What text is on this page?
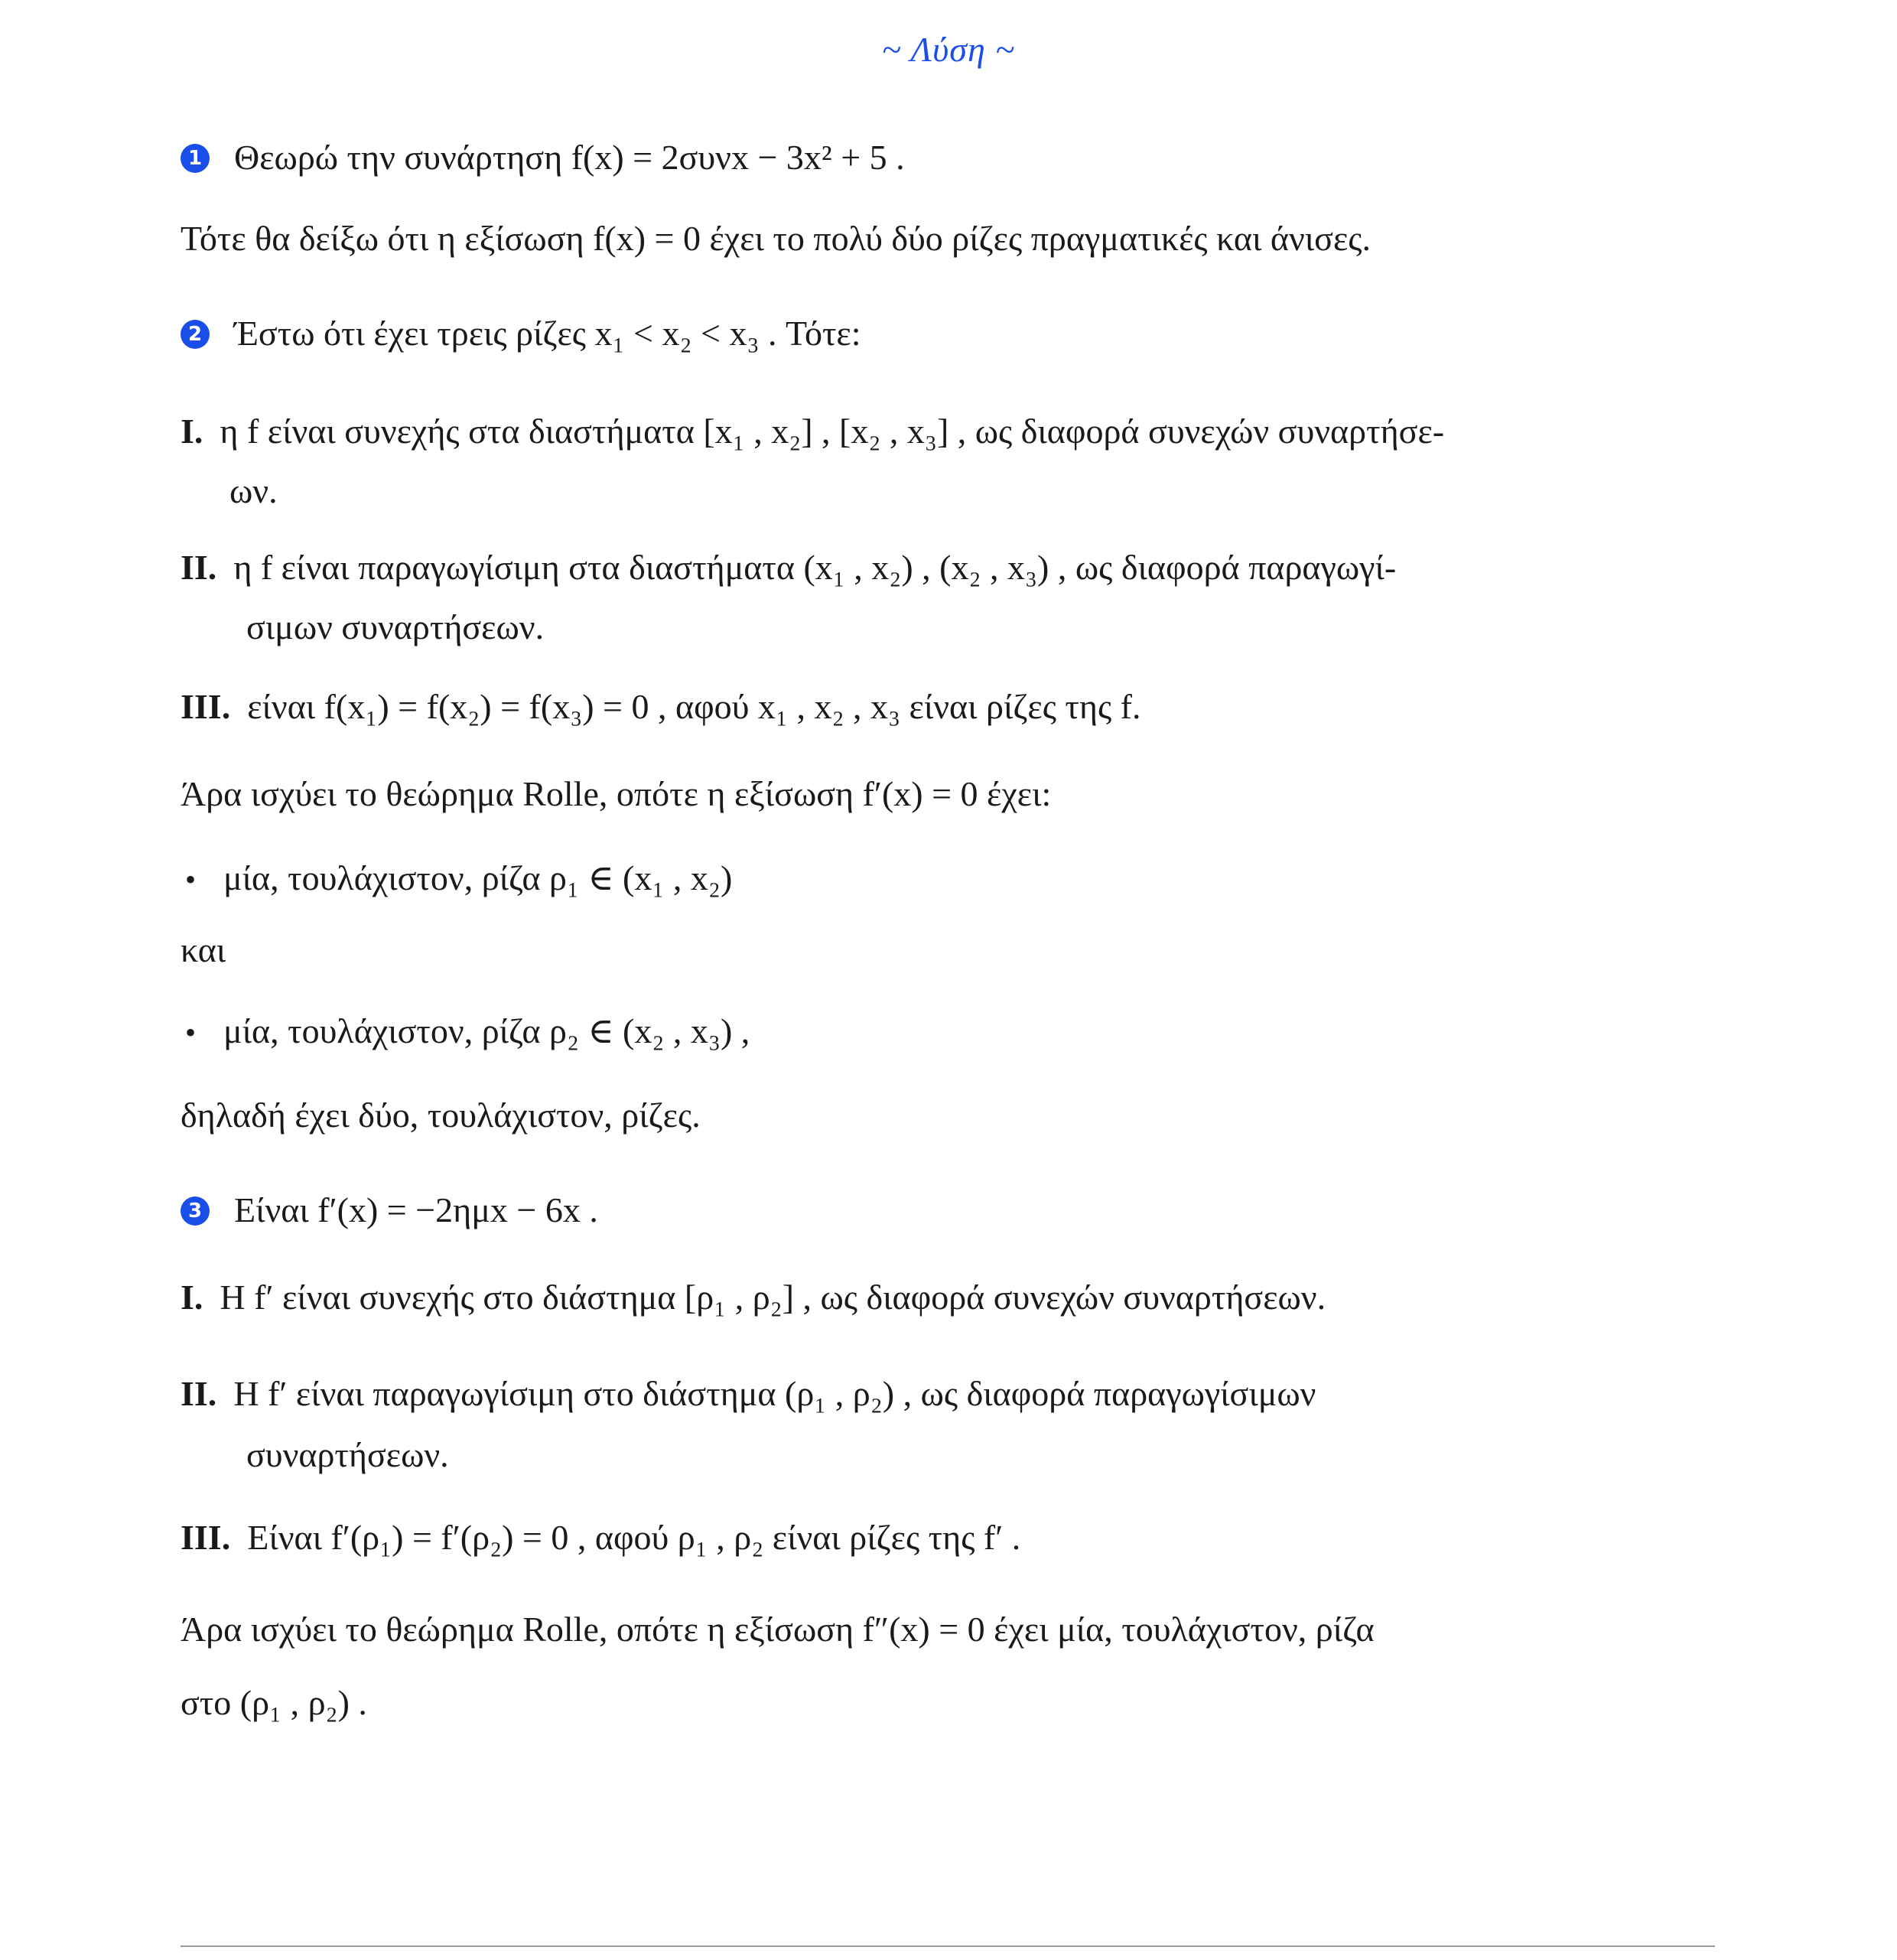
~ Λύση ~
1 Θεωρώ την συνάρτηση f(x) = 2συνx − 3x² + 5 .
Τότε θα δείξω ότι η εξίσωση f(x) = 0 έχει το πολύ δύο ρίζες πραγματικές και άνισες.
2 Έστω ότι έχει τρεις ρίζες x₁ < x₂ < x₃ . Τότε:
I. η f είναι συνεχής στα διαστήματα [x₁ , x₂] , [x₂ , x₃] , ως διαφορά συνεχών συναρτήσε-
ων.
II. η f είναι παραγωγίσιμη στα διαστήματα (x₁ , x₂) , (x₂ , x₃) , ως διαφορά παραγωγί-
σιμων συναρτήσεων.
III. είναι f(x₁) = f(x₂) = f(x₃) = 0 , αφού x₁ , x₂ , x₃ είναι ρίζες της f.
Άρα ισχύει το θεώρημα Rolle, οπότε η εξίσωση f′(x) = 0 έχει:
• μία, τουλάχιστον, ρίζα ρ₁ ∈ (x₁ , x₂)
και
• μία, τουλάχιστον, ρίζα ρ₂ ∈ (x₂ , x₃) ,
δηλαδή έχει δύο, τουλάχιστον, ρίζες.
3 Είναι f′(x) = −2ημx − 6x .
I. Η f′ είναι συνεχής στο διάστημα [ρ₁ , ρ₂] , ως διαφορά συνεχών συναρτήσεων.
II. Η f′ είναι παραγωγίσιμη στο διάστημα (ρ₁ , ρ₂) , ως διαφορά παραγωγίσιμων
συναρτήσεων.
III. Είναι f′(ρ₁) = f′(ρ₂) = 0 , αφού ρ₁ , ρ₂ είναι ρίζες της f′ .
Άρα ισχύει το θεώρημα Rolle, οπότε η εξίσωση f″(x) = 0 έχει μία, τουλάχιστον, ρίζα
στο (ρ₁ , ρ₂) .
